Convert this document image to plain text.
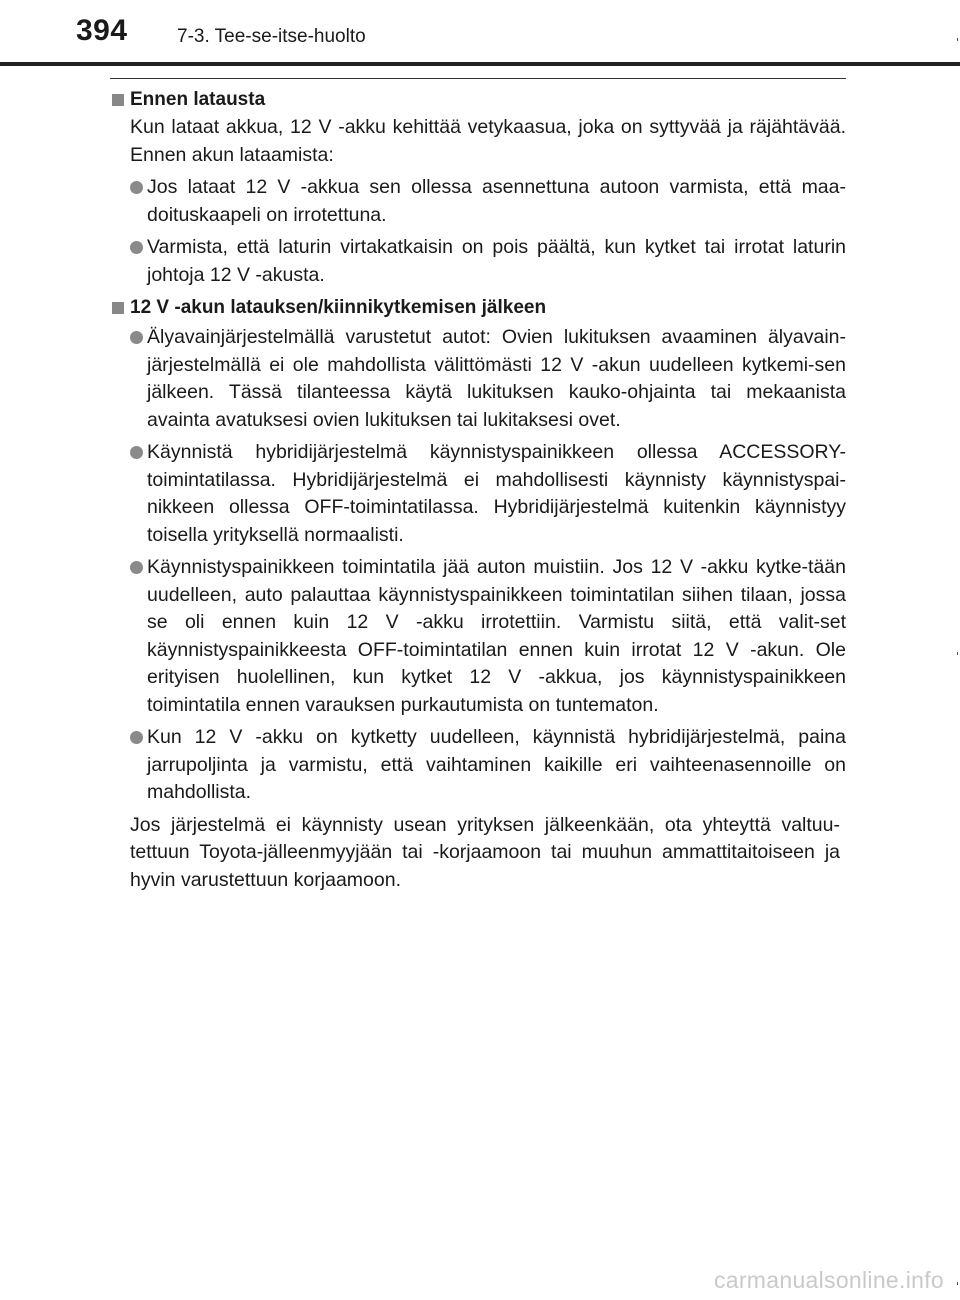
394	7-3. Tee-se-itse-huolto
Ennen latausta

Kun lataat akkua, 12 V -akku kehittää vetykaasua, joka on syttyvää ja räjähtävää. Ennen akun lataamista:

Jos lataat 12 V -akkua sen ollessa asennettuna autoon varmista, että maa-doituskaapeli on irrotettuna.
Varmista, että laturin virtakatkaisin on pois päältä, kun kytket tai irrotat laturin johtoja 12 V -akusta.
12 V -akun latauksen/kiinnikytkemisen jälkeen
Älyavainjärjestelmällä varustetut autot: Ovien lukituksen avaaminen älyavain-järjestelmällä ei ole mahdollista välittömästi 12 V -akun uudelleen kytkemi-sen jälkeen. Tässä tilanteessa käytä lukituksen kauko-ohjainta tai mekaanista avainta avatuksesi ovien lukituksen tai lukitaksesi ovet.
Käynnistä hybridijärjestelmä käynnistyspainikkeen ollessa ACCESSORY-toimintatilassa. Hybridijärjestelmä ei mahdollisesti käynnisty käynnistyspai-nikkeen ollessa OFF-toimintatilassa. Hybridijärjestelmä kuitenkin käynnistyy toisella yrityksellä normaalisti.
Käynnistyspainikkeen toimintatila jää auton muistiin. Jos 12 V -akku kytke-tään uudelleen, auto palauttaa käynnistyspainikkeen toimintatilan siihen tilaan, jossa se oli ennen kuin 12 V -akku irrotettiin. Varmistu siitä, että valit-set käynnistyspainikkeesta OFF-toimintatilan ennen kuin irrotat 12 V -akun. Ole erityisen huolellinen, kun kytket 12 V -akkua, jos käynnistyspainikkeen toimintatila ennen varauksen purkautumista on tuntematon.
Kun 12 V -akku on kytketty uudelleen, käynnistä hybridijärjestelmä, paina jarrupoljinta ja varmistu, että vaihtaminen kaikille eri vaihteenasennoille on mahdollista.

Jos järjestelmä ei käynnisty usean yrityksen jälkeenkään, ota yhteyttä valtuu-tettuun Toyota-jälleenmyyjään tai -korjaamoon tai muuhun ammattitaitoiseen ja hyvin varustettuun korjaamoon.

carmanualsonline.info
